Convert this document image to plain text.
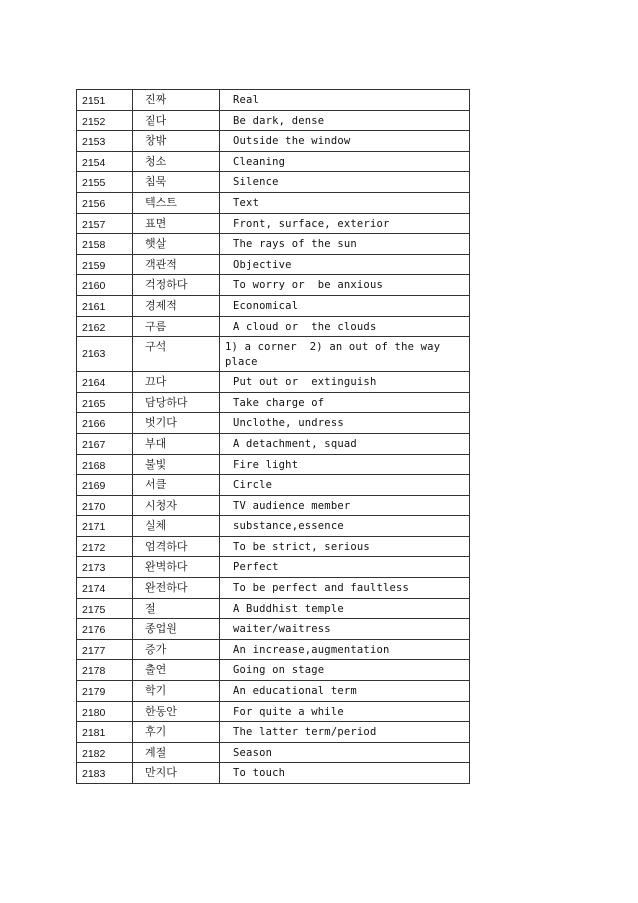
2151	진짜	Real
2152	짙다	Be dark, dense
2153	창밖	Outside the window
2154	청소	Cleaning
2155	침묵	Silence
2156	텍스트	Text
2157	표면	Front, surface, exterior
2158	햇살	The rays of the sun
2159	객관적	Objective
2160	걱정하다	To worry or  be anxious
2161	경제적	Economical
2162	구름	A cloud or  the clouds
2163	구석	1) a corner  2) an out of the way place
2164	끄다	Put out or  extinguish
2165	담당하다	Take charge of
2166	벗기다	Unclothe, undress
2167	부대	A detachment, squad
2168	불빛	Fire light
2169	서클	Circle
2170	시청자	TV audience member
2171	실체	substance,essence
2172	엄격하다	To be strict, serious
2173	완벽하다	Perfect
2174	완전하다	To be perfect and faultless
2175	절	A Buddhist temple
2176	종업원	waiter/waitress
2177	증가	An increase,augmentation
2178	출연	Going on stage
2179	학기	An educational term
2180	한동안	For quite a while
2181	후기	The latter term/period
2182	계절	Season
2183	만지다	To touch
